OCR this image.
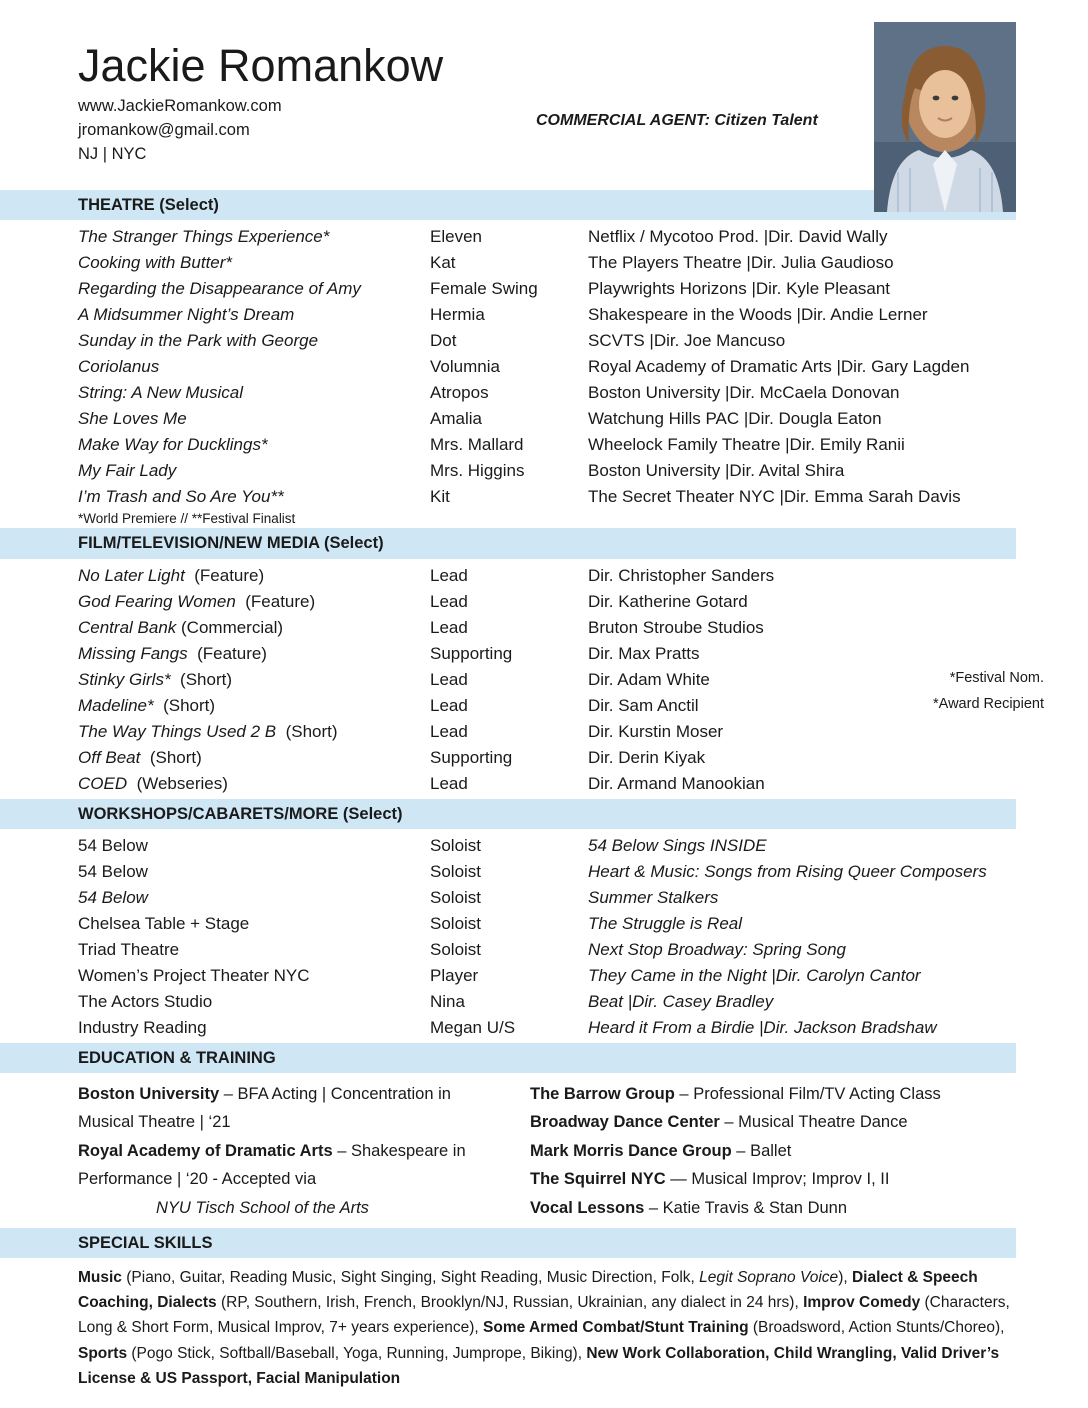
Jackie Romankow
www.JackieRomankow.com
jromankow@gmail.com
NJ | NYC
COMMERCIAL AGENT: Citizen Talent
THEATRE (Select)
The Stranger Things Experience*	Eleven	Netflix / Mycotoo Prod. |Dir. David Wally
Cooking with Butter*	Kat	The Players Theatre |Dir. Julia Gaudioso
Regarding the Disappearance of Amy	Female Swing	Playwrights Horizons |Dir. Kyle Pleasant
A Midsummer Night’s Dream	Hermia	Shakespeare in the Woods |Dir. Andie Lerner
Sunday in the Park with George	Dot	SCVTS |Dir. Joe Mancuso
Coriolanus	Volumnia	Royal Academy of Dramatic Arts |Dir. Gary Lagden
String: A New Musical	Atropos	Boston University |Dir. McCaela Donovan
She Loves Me	Amalia	Watchung Hills PAC |Dir. Dougla Eaton
Make Way for Ducklings*	Mrs. Mallard	Wheelock Family Theatre |Dir. Emily Ranii
My Fair Lady	Mrs. Higgins	Boston University |Dir. Avital Shira
I’m Trash and So Are You**	Kit	The Secret Theater NYC |Dir. Emma Sarah Davis
*World Premiere // **Festival Finalist
FILM/TELEVISION/NEW MEDIA (Select)
No Later Light (Feature)	Lead	Dir. Christopher Sanders
God Fearing Women (Feature)	Lead	Dir. Katherine Gotard
Central Bank (Commercial)	Lead	Bruton Stroube Studios
Missing Fangs (Feature)	Supporting	Dir. Max Pratts
Stinky Girls* (Short)	Lead	Dir. Adam White	*Festival Nom.
Madeline* (Short)	Lead	Dir. Sam Anctil	*Award Recipient
The Way Things Used 2 B (Short)	Lead	Dir. Kurstin Moser
Off Beat (Short)	Supporting	Dir. Derin Kiyak
COED (Webseries)	Lead	Dir. Armand Manookian
WORKSHOPS/CABARETS/MORE (Select)
54 Below	Soloist	54 Below Sings INSIDE
54 Below	Soloist	Heart & Music: Songs from Rising Queer Composers
54 Below	Soloist	Summer Stalkers
Chelsea Table + Stage	Soloist	The Struggle is Real
Triad Theatre	Soloist	Next Stop Broadway: Spring Song
Women’s Project Theater NYC	Player	They Came in the Night |Dir. Carolyn Cantor
The Actors Studio	Nina	Beat |Dir. Casey Bradley
Industry Reading	Megan U/S	Heard it From a Birdie |Dir. Jackson Bradshaw
EDUCATION & TRAINING
Boston University – BFA Acting | Concentration in
Musical Theatre | ‘21
Royal Academy of Dramatic Arts – Shakespeare in
Performance | ‘20 - Accepted via
NYU Tisch School of the Arts
The Barrow Group – Professional Film/TV Acting Class
Broadway Dance Center – Musical Theatre Dance
Mark Morris Dance Group – Ballet
The Squirrel NYC — Musical Improv; Improv I, II
Vocal Lessons – Katie Travis & Stan Dunn
SPECIAL SKILLS
Music (Piano, Guitar, Reading Music, Sight Singing, Sight Reading, Music Direction, Folk, Legit Soprano Voice), Dialect & Speech Coaching, Dialects (RP, Southern, Irish, French, Brooklyn/NJ, Russian, Ukrainian, any dialect in 24 hrs), Improv Comedy (Characters, Long & Short Form, Musical Improv, 7+ years experience), Some Armed Combat/Stunt Training (Broadsword, Action Stunts/Choreo), Sports (Pogo Stick, Softball/Baseball, Yoga, Running, Jumprope, Biking), New Work Collaboration, Child Wrangling, Valid Driver’s License & US Passport, Facial Manipulation
